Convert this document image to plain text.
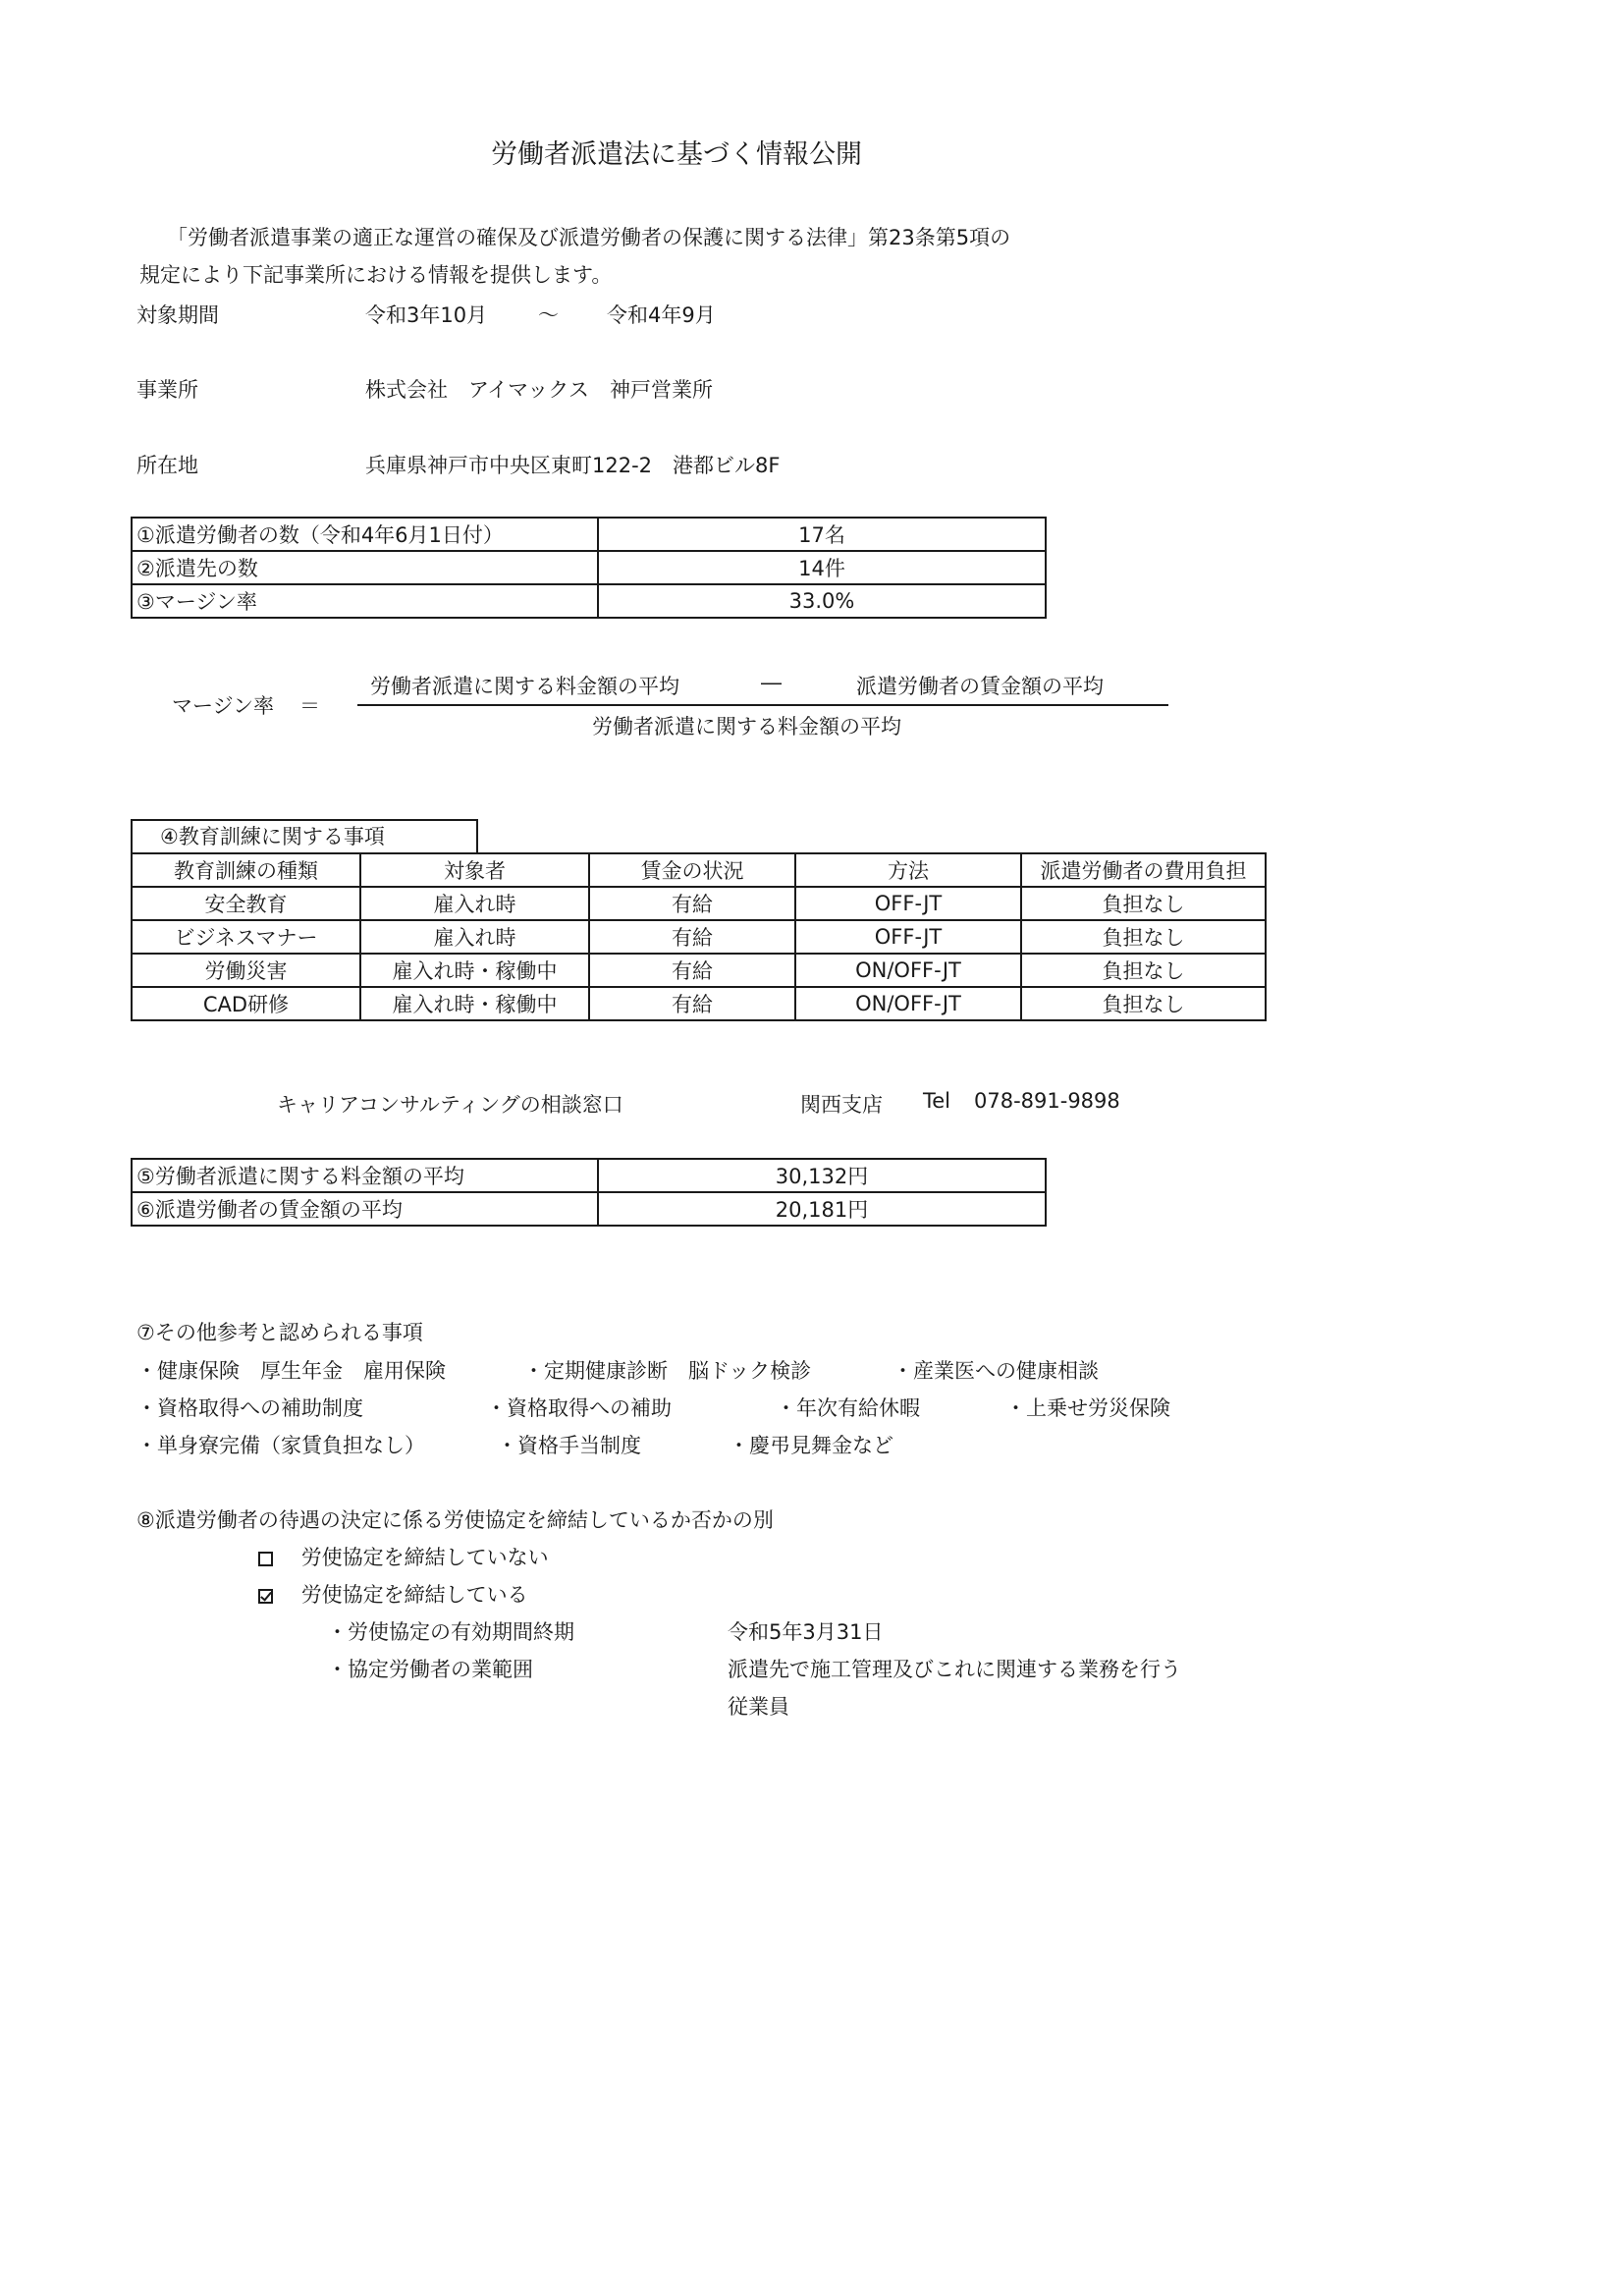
労働者派遣法に基づく情報公開
「労働者派遣事業の適正な運営の確保及び派遣労働者の保護に関する法律」第23条第5項の
規定により下記事業所における情報を提供します。
対象期間	令和3年10月 ～ 令和4年9月
事業所	株式会社　アイマックス　神戸営業所
所在地	兵庫県神戸市中央区東町122-2　港都ビル8F
①派遣労働者の数（令和4年6月1日付）	17名
②派遣先の数	14件
③マージン率	33.0%
マージン率 ＝
労働者派遣に関する料金額の平均	―	派遣労働者の賃金額の平均
労働者派遣に関する料金額の平均
④教育訓練に関する事項
教育訓練の種類	対象者	賃金の状況	方法	派遣労働者の費用負担
安全教育	雇入れ時	有給	OFF-JT	負担なし
ビジネスマナー	雇入れ時	有給	OFF-JT	負担なし
労働災害	雇入れ時・稼働中	有給	ON/OFF-JT	負担なし
CAD研修	雇入れ時・稼働中	有給	ON/OFF-JT	負担なし
キャリアコンサルティングの相談窓口	関西支店 Tel 078-891-9898
⑤労働者派遣に関する料金額の平均	30,132円
⑥派遣労働者の賃金額の平均	20,181円
⑦その他参考と認められる事項
・健康保険　厚生年金　雇用保険	・定期健康診断　脳ドック検診	・産業医への健康相談
・資格取得への補助制度	・資格取得への補助	・年次有給休暇	・上乗せ労災保険
・単身寮完備（家賃負担なし）	・資格手当制度	・慶弔見舞金など
⑧派遣労働者の待遇の決定に係る労使協定を締結しているか否かの別
労使協定を締結していない
労使協定を締結している
・労使協定の有効期間終期	令和5年3月31日
・協定労働者の業範囲	派遣先で施工管理及びこれに関連する業務を行う
従業員
